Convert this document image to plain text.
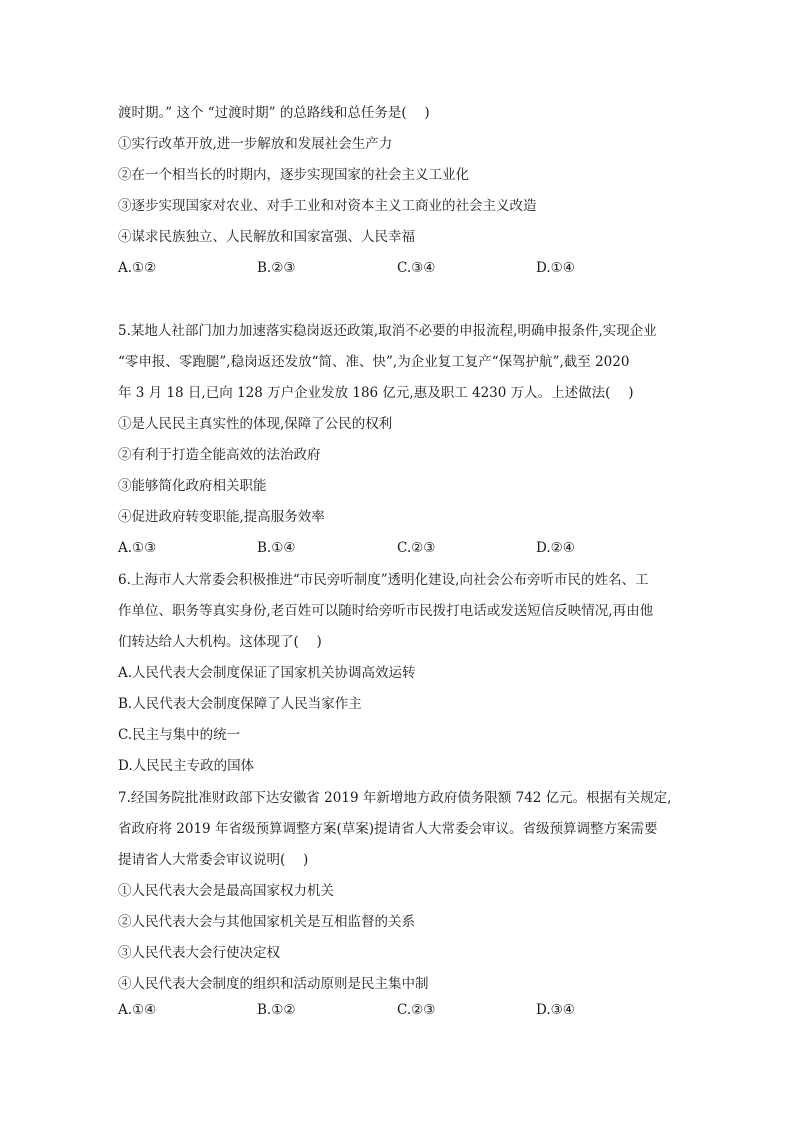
渡时期。” 这个 “过渡时期” 的总路线和总任务是(　 )
①实行改革开放,进一步解放和发展社会生产力
②在一个相当长的时期内，逐步实现国家的社会主义工业化
③逐步实现国家对农业、对手工业和对资本主义工商业的社会主义改造
④谋求民族独立、人民解放和国家富强、人民幸福
A.①②	B.②③	C.③④	D.①④
5.某地人社部门加力加速落实稳岗返还政策,取消不必要的申报流程,明确申报条件,实现企业
“零申报、零跑腿”,稳岗返还发放“简、准、快”,为企业复工复产“保驾护航”,截至 2020
年 3 月 18 日,已向 128 万户企业发放 186 亿元,惠及职工 4230 万人。上述做法(　 )
①是人民民主真实性的体现,保障了公民的权利
②有利于打造全能高效的法治政府
③能够简化政府相关职能
④促进政府转变职能,提高服务效率
A.①③	B.①④	C.②③	D.②④
6.上海市人大常委会积极推进“市民旁听制度”透明化建设,向社会公布旁听市民的姓名、工
作单位、职务等真实身份,老百姓可以随时给旁听市民拨打电话或发送短信反映情况,再由他
们转达给人大机构。这体现了(　 )
A.人民代表大会制度保证了国家机关协调高效运转
B.人民代表大会制度保障了人民当家作主
C.民主与集中的统一
D.人民民主专政的国体
7.经国务院批准财政部下达安徽省 2019 年新增地方政府债务限额 742 亿元。根据有关规定,
省政府将 2019 年省级预算调整方案(草案)提请省人大常委会审议。省级预算调整方案需要
提请省人大常委会审议说明(　 )
①人民代表大会是最高国家权力机关
②人民代表大会与其他国家机关是互相监督的关系
③人民代表大会行使决定权
④人民代表大会制度的组织和活动原则是民主集中制
A.①④	B.①②	C.②③	D.③④
